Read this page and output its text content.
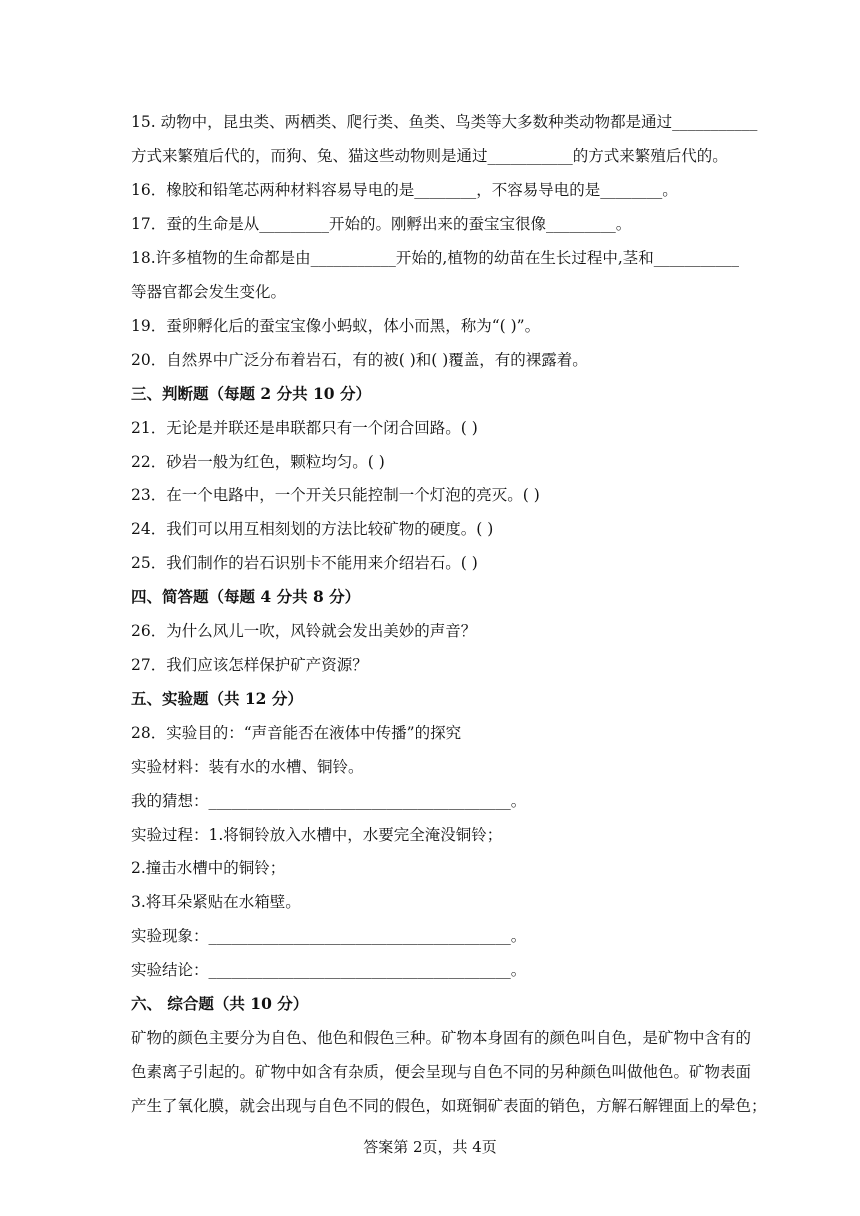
15. 动物中，昆虫类、两栖类、爬行类、鱼类、鸟类等大多数种类动物都是通过___________
方式来繁殖后代的，而狗、兔、猫这些动物则是通过___________的方式来繁殖后代的。
16．橡胶和铅笔芯两种材料容易导电的是________，不容易导电的是________。
17．蚕的生命是从_________开始的。刚孵出来的蚕宝宝很像_________。
18.许多植物的生命都是由___________开始的,植物的幼苗在生长过程中,茎和___________
等器官都会发生变化。
19．蚕卵孵化后的蚕宝宝像小蚂蚁，体小而黑，称为“( )”。
20．自然界中广泛分布着岩石，有的被( )和( )覆盖，有的裸露着。
三、判断题（每题 2 分共 10 分）
21．无论是并联还是串联都只有一个闭合回路。( )
22．砂岩一般为红色，颗粒均匀。( )
23．在一个电路中，一个开关只能控制一个灯泡的亮灭。( )
24．我们可以用互相刻划的方法比较矿物的硬度。( )
25．我们制作的岩石识别卡不能用来介绍岩石。( )
四、简答题（每题 4 分共 8 分）
26．为什么风儿一吹，风铃就会发出美妙的声音？
27．我们应该怎样保护矿产资源？
五、实验题（共 12 分）
28．实验目的：“声音能否在液体中传播”的探究
实验材料：装有水的水槽、铜铃。
我的猜想：_______________________________________。
实验过程：1.将铜铃放入水槽中，水要完全淹没铜铃；
2.撞击水槽中的铜铃；
3.将耳朵紧贴在水箱壁。
实验现象：_______________________________________。
实验结论：_______________________________________。
六、 综合题（共 10 分）
矿物的颜色主要分为自色、他色和假色三种。矿物本身固有的颜色叫自色，是矿物中含有的
色素离子引起的。矿物中如含有杂质，便会呈现与自色不同的另种颜色叫做他色。矿物表面
产生了氧化膜，就会出现与自色不同的假色，如斑铜矿表面的销色，方解石解锂面上的晕色；
答案第 2页，共 4页
